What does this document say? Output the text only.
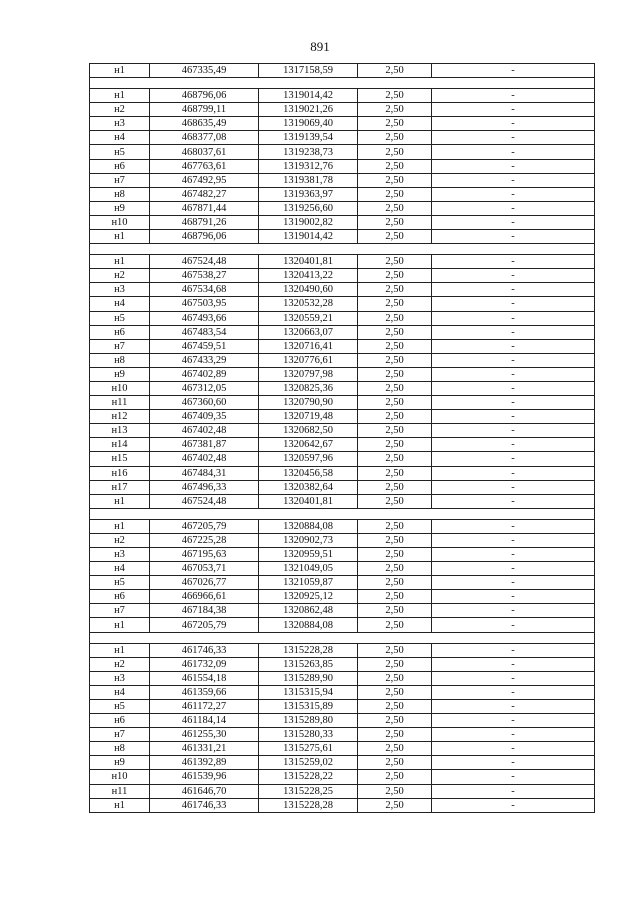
891
н1	467335,49	1317158,59	2,50	-

н1	468796,06	1319014,42	2,50	-
н2	468799,11	1319021,26	2,50	-
н3	468635,49	1319069,40	2,50	-
н4	468377,08	1319139,54	2,50	-
н5	468037,61	1319238,73	2,50	-
н6	467763,61	1319312,76	2,50	-
н7	467492,95	1319381,78	2,50	-
н8	467482,27	1319363,97	2,50	-
н9	467871,44	1319256,60	2,50	-
н10	468791,26	1319002,82	2,50	-
н1	468796,06	1319014,42	2,50	-

н1	467524,48	1320401,81	2,50	-
н2	467538,27	1320413,22	2,50	-
н3	467534,68	1320490,60	2,50	-
н4	467503,95	1320532,28	2,50	-
н5	467493,66	1320559,21	2,50	-
н6	467483,54	1320663,07	2,50	-
н7	467459,51	1320716,41	2,50	-
н8	467433,29	1320776,61	2,50	-
н9	467402,89	1320797,98	2,50	-
н10	467312,05	1320825,36	2,50	-
н11	467360,60	1320790,90	2,50	-
н12	467409,35	1320719,48	2,50	-
н13	467402,48	1320682,50	2,50	-
н14	467381,87	1320642,67	2,50	-
н15	467402,48	1320597,96	2,50	-
н16	467484,31	1320456,58	2,50	-
н17	467496,33	1320382,64	2,50	-
н1	467524,48	1320401,81	2,50	-

н1	467205,79	1320884,08	2,50	-
н2	467225,28	1320902,73	2,50	-
н3	467195,63	1320959,51	2,50	-
н4	467053,71	1321049,05	2,50	-
н5	467026,77	1321059,87	2,50	-
н6	466966,61	1320925,12	2,50	-
н7	467184,38	1320862,48	2,50	-
н1	467205,79	1320884,08	2,50	-

н1	461746,33	1315228,28	2,50	-
н2	461732,09	1315263,85	2,50	-
н3	461554,18	1315289,90	2,50	-
н4	461359,66	1315315,94	2,50	-
н5	461172,27	1315315,89	2,50	-
н6	461184,14	1315289,80	2,50	-
н7	461255,30	1315280,33	2,50	-
н8	461331,21	1315275,61	2,50	-
н9	461392,89	1315259,02	2,50	-
н10	461539,96	1315228,22	2,50	-
н11	461646,70	1315228,25	2,50	-
н1	461746,33	1315228,28	2,50	-
